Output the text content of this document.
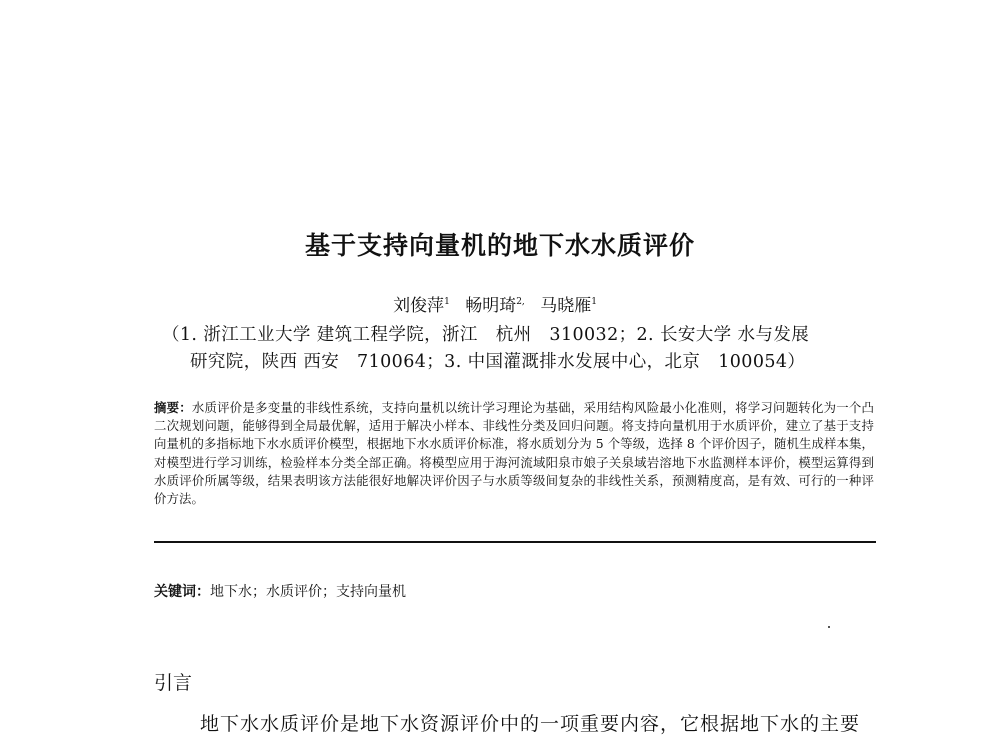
基于支持向量机的地下水水质评价
刘俊萍$^1$ 畅明琦$^{2,}$ 马晓雁$^1$
（1. 浙江工业大学 建筑工程学院，浙江　杭州　310032；2. 长安大学 水与发展
研究院，陕西 西安　710064；3. 中国灌溉排水发展中心，北京　100054）
摘要：水质评价是多变量的非线性系统，支持向量机以统计学习理论为基础，采用结构风险最小化准则，将学习问题转化为一个凸二次规划问题，能够得到全局最优解，适用于解决小样本、非线性分类及回归问题。将支持向量机用于水质评价，建立了基于支持向量机的多指标地下水水质评价模型，根据地下水水质评价标准，将水质划分为 5 个等级，选择 8 个评价因子，随机生成样本集，对模型进行学习训练，检验样本分类全部正确。将模型应用于海河流域阳泉市娘子关泉域岩溶地下水监测样本评价，模型运算得到水质评价所属等级，结果表明该方法能很好地解决评价因子与水质等级间复杂的非线性关系，预测精度高，是有效、可行的一种评价方法。
关键词：地下水；水质评价；支持向量机
引言
地下水水质评价是地下水资源评价中的一项重要内容，它根据地下水的主要
